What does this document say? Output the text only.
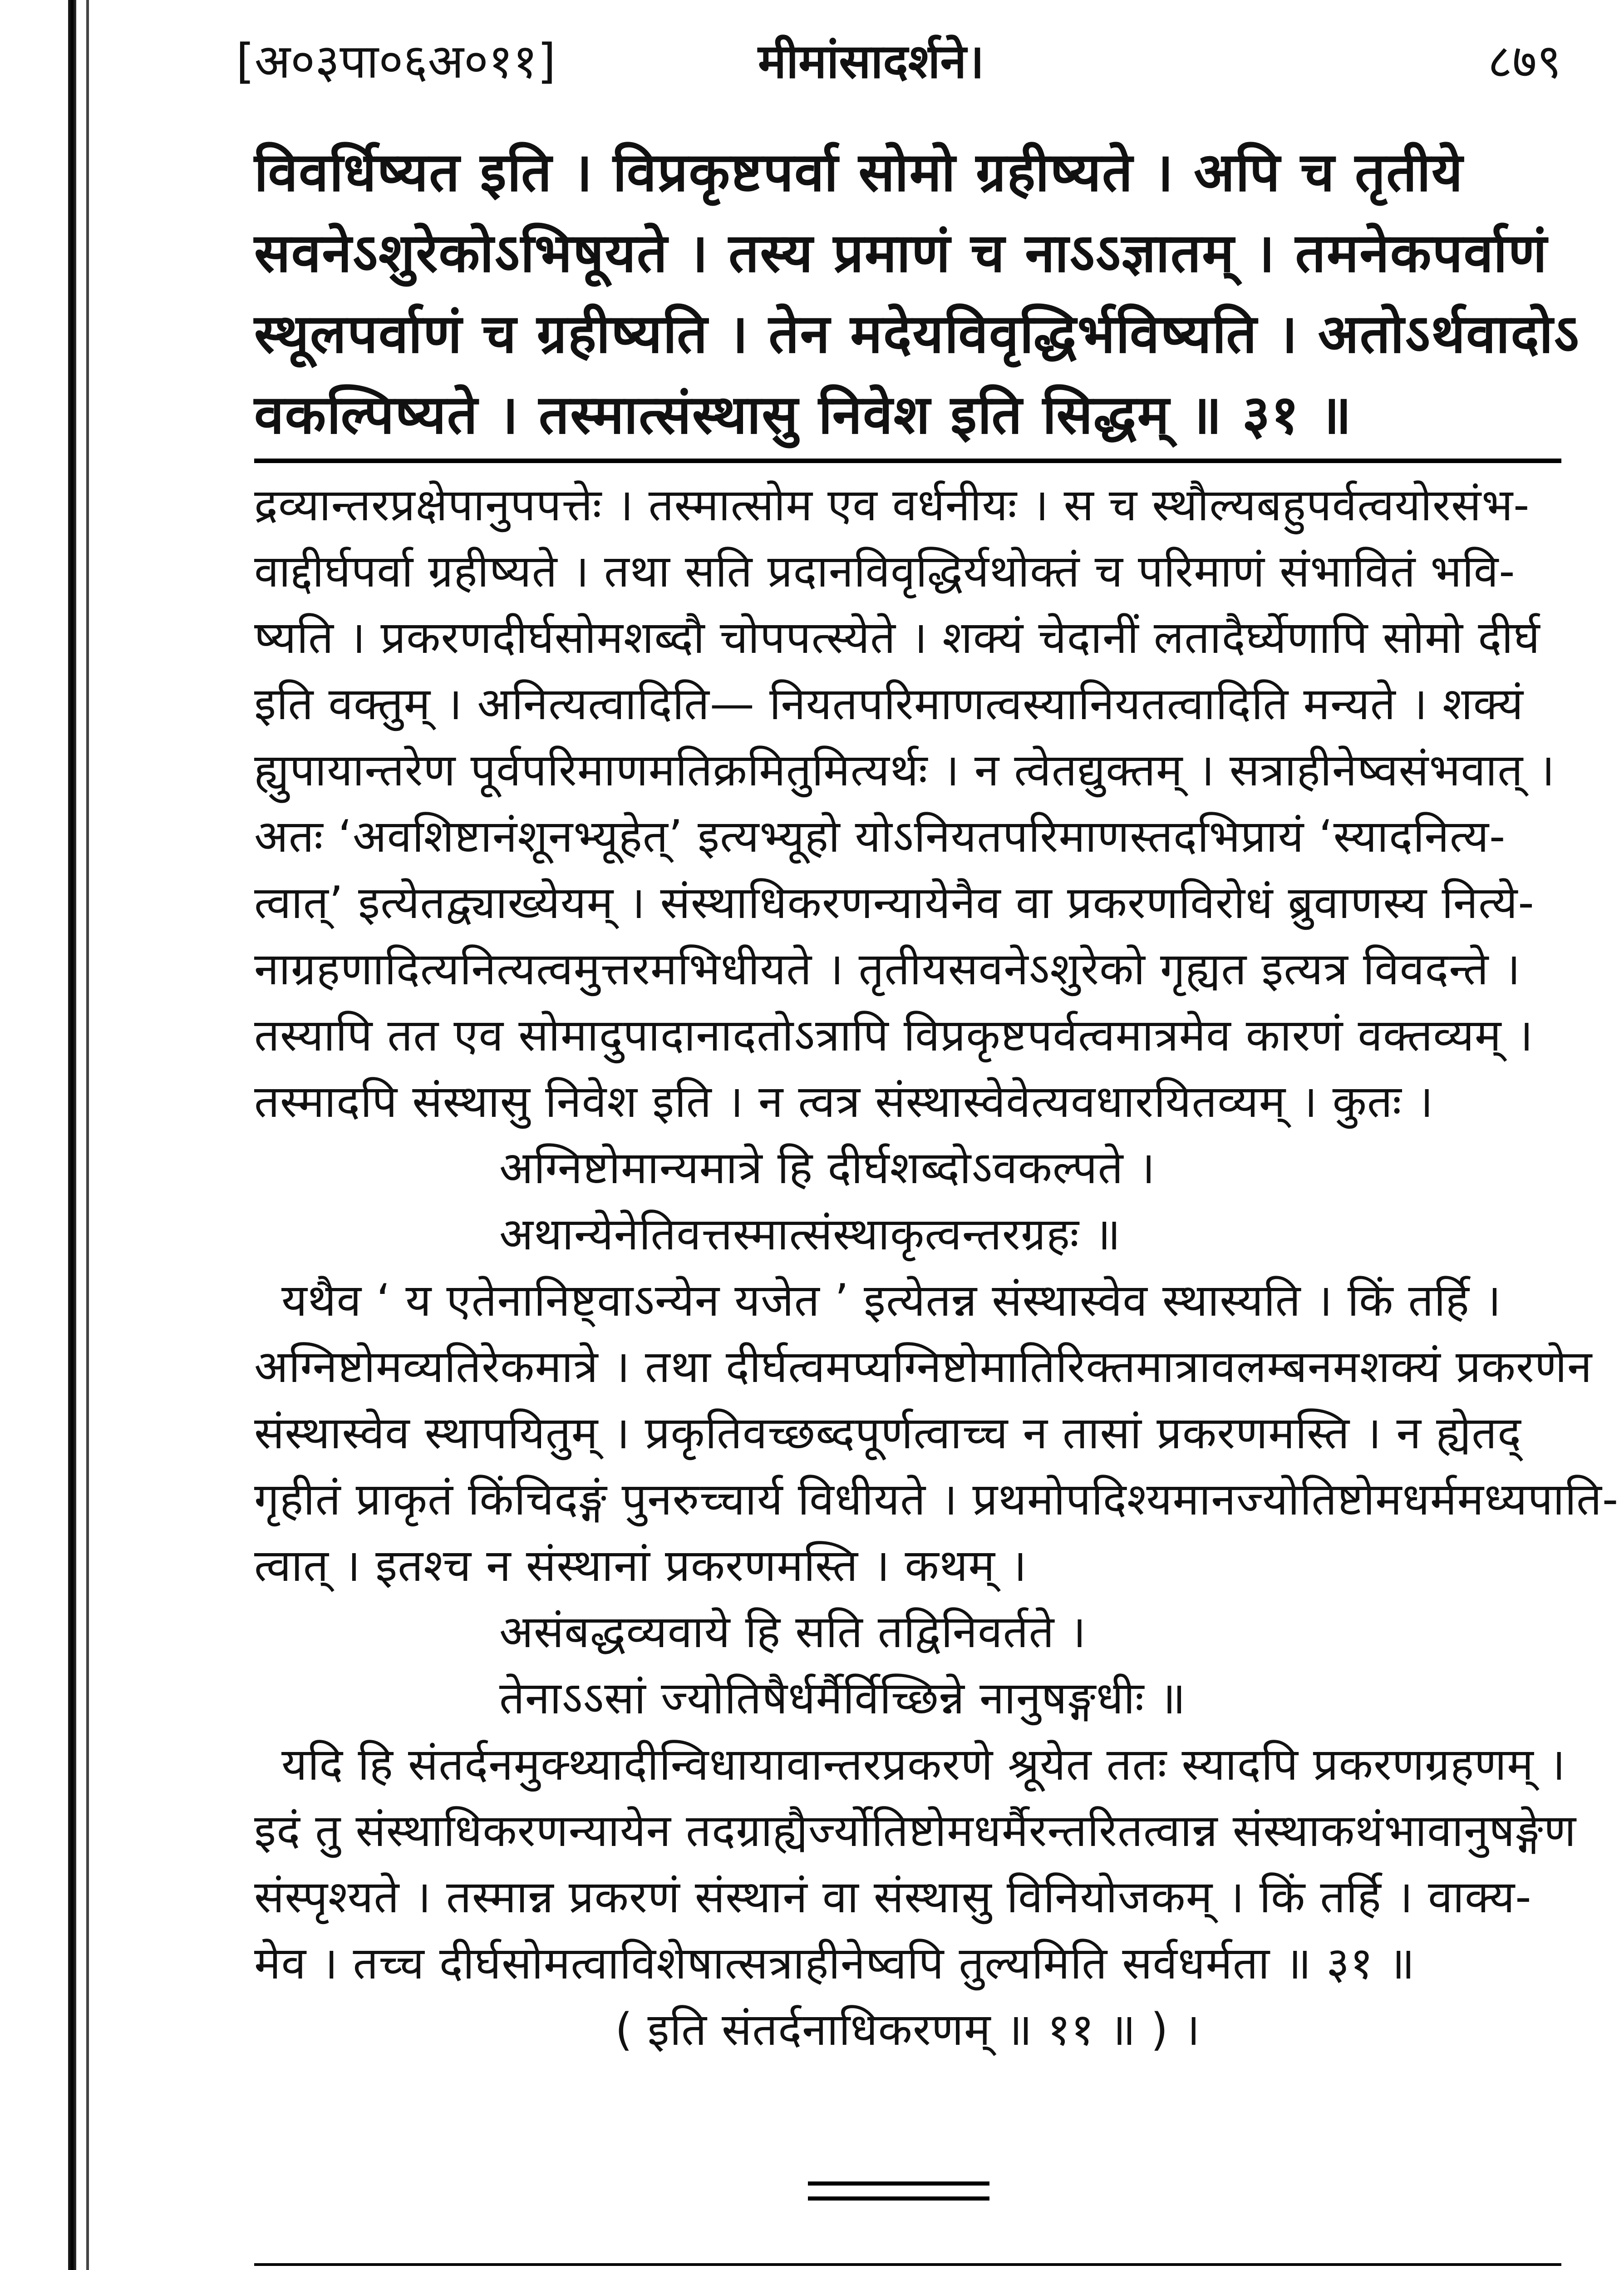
[अ०३पा०६अ०११]	मीमांसादर्शने।	८७९

विवर्धिष्यत इति । विप्रकृष्टपर्वा सोमो ग्रहीष्यते । अपि च तृतीये

सवनेऽशुरेकोऽभिषूयते । तस्य प्रमाणं च नाऽऽज्ञातम् । तमनेकपर्वाणं

स्थूलपर्वाणं च ग्रहीष्यति । तेन मदेयविवृद्धिर्भविष्यति । अतोऽर्थवादोऽ

वकल्पिष्यते । तस्मात्संस्थासु निवेश इति सिद्धम् ॥ ३१ ॥

द्रव्यान्तरप्रक्षेपानुपपत्तेः । तस्मात्सोम एव वर्धनीयः । स च स्थौल्यबहुपर्वत्वयोरसंभ-

वाद्दीर्घपर्वा ग्रहीष्यते । तथा सति प्रदानविवृद्धिर्यथोक्तं च परिमाणं संभावितं भवि-

ष्यति । प्रकरणदीर्घसोमशब्दौ चोपपत्स्येते । शक्यं चेदानीं लतादैर्घ्येणापि सोमो दीर्घ

इति वक्तुम् । अनित्यत्वादिति— नियतपरिमाणत्वस्यानियतत्वादिति मन्यते । शक्यं

ह्युपायान्तरेण पूर्वपरिमाणमतिक्रमितुमित्यर्थः । न त्वेतद्युक्तम् । सत्राहीनेष्वसंभवात् ।

अतः ‘अवशिष्टानंशूनभ्यूहेत्’ इत्यभ्यूहो योऽनियतपरिमाणस्तदभिप्रायं ‘स्यादनित्य-

त्वात्’ इत्येतद्व्याख्येयम् । संस्थाधिकरणन्यायेनैव वा प्रकरणविरोधं ब्रुवाणस्य नित्ये-

नाग्रहणादित्यनित्यत्वमुत्तरमभिधीयते । तृतीयसवनेऽशुरेको गृह्यत इत्यत्र विवदन्ते ।

तस्यापि तत एव सोमादुपादानादतोऽत्रापि विप्रकृष्टपर्वत्वमात्रमेव कारणं वक्तव्यम् ।

तस्मादपि संस्थासु निवेश इति । न त्वत्र संस्थास्वेवेत्यवधारयितव्यम् । कुतः ।

अग्निष्टोमान्यमात्रे हि दीर्घशब्दोऽवकल्पते ।

अथान्येनेतिवत्तस्मात्संस्थाकृत्वन्तरग्रहः ॥

यथैव ‘ य एतेनानिष्ट्वाऽन्येन यजेत ’ इत्येतन्न संस्थास्वेव स्थास्यति । किं तर्हि ।

अग्निष्टोमव्यतिरेकमात्रे । तथा दीर्घत्वमप्यग्निष्टोमातिरिक्तमात्रावलम्बनमशक्यं प्रकरणेन

संस्थास्वेव स्थापयितुम् । प्रकृतिवच्छब्दपूर्णत्वाच्च न तासां प्रकरणमस्ति । न ह्येतद्

गृहीतं प्राकृतं किंचिदङ्गं पुनरुच्चार्य विधीयते । प्रथमोपदिश्यमानज्योतिष्टोमधर्ममध्यपाति-

त्वात् । इतश्च न संस्थानां प्रकरणमस्ति । कथम् ।

असंबद्धव्यवाये हि सति तद्विनिवर्तते ।

तेनाऽऽसां ज्योतिषैर्धर्मैर्विच्छिन्ने नानुषङ्गधीः ॥

यदि हि संतर्दनमुक्थ्यादीन्विधायावान्तरप्रकरणे श्रूयेत ततः स्यादपि प्रकरणग्रहणम् ।

इदं तु संस्थाधिकरणन्यायेन तदग्राह्यैर्ज्योतिष्टोमधर्मैरन्तरितत्वान्न संस्थाकथंभावानुषङ्गेण

संस्पृश्यते । तस्मान्न प्रकरणं संस्थानं वा संस्थासु विनियोजकम् । किं तर्हि । वाक्य-

मेव । तच्च दीर्घसोमत्वाविशेषात्सत्राहीनेष्वपि तुल्यमिति सर्वधर्मता ॥ ३१ ॥

( इति संतर्दनाधिकरणम् ॥ ११ ॥ ) ।
